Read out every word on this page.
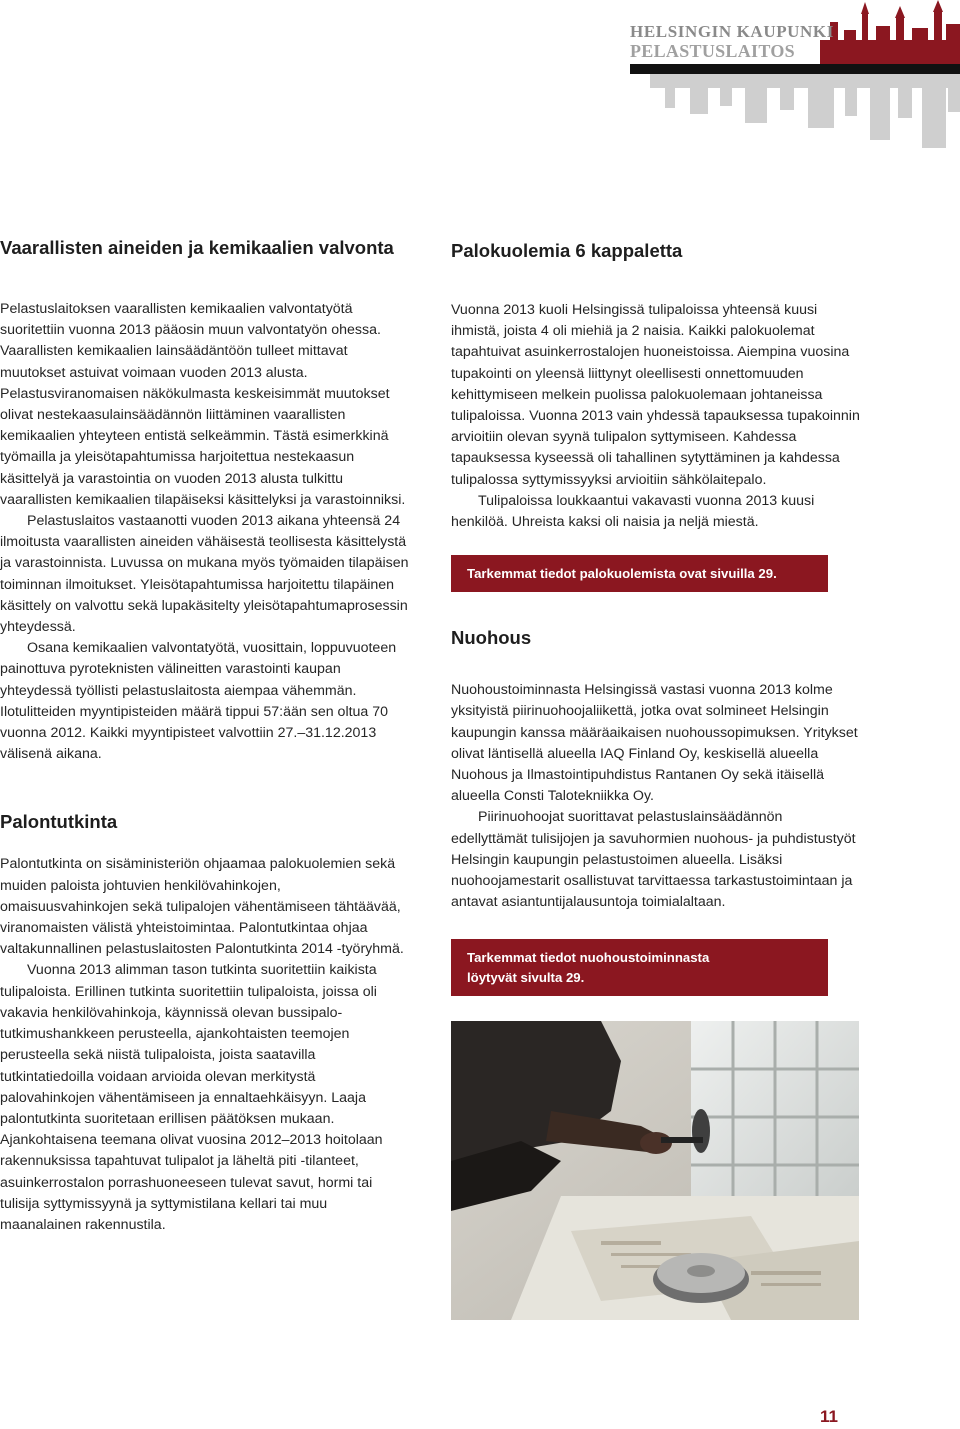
HELSINGIN KAUPUNKI
PELASTUSLAITOS
Vaarallisten aineiden ja kemikaalien valvonta

Pelastuslaitoksen vaarallisten kemikaalien valvontatyötä suoritettiin vuonna 2013 pääosin muun valvontatyön ohessa. Vaarallisten kemikaalien lainsäädäntöön tulleet mittavat muutokset astuivat voimaan vuoden 2013 alusta. Pelastusviranomaisen näkökulmasta keskeisimmät muutokset olivat nestekaasulainsäädännön liittäminen vaarallisten kemikaalien yhteyteen entistä selkeämmin. Tästä esimerkkinä työmailla ja yleisötapahtumissa harjoitettua nestekaasun käsittelyä ja varastointia on vuoden 2013 alusta tulkittu vaarallisten kemikaalien tilapäiseksi käsittelyksi ja varastoinniksi.

Pelastuslaitos vastaanotti vuoden 2013 aikana yhteensä 24 ilmoitusta vaarallisten aineiden vähäisestä teollisesta käsittelystä ja varastoinnista. Luvussa on mukana myös työmaiden tilapäisen toiminnan ilmoitukset. Yleisötapahtumissa harjoitettu tilapäinen käsittely on valvottu sekä lupakäsitelty yleisötapahtumaprosessin yhteydessä.

Osana kemikaalien valvontatyötä, vuosittain, loppuvuoteen painottuva pyroteknisten välineitten varastointi kaupan yhteydessä työllisti pelastuslaitosta aiempaa vähemmän. Ilotulitteiden myyntipisteiden määrä tippui 57:ään sen oltua 70 vuonna 2012. Kaikki myyntipisteet valvottiin 27.–31.12.2013 välisenä aikana.

Palontutkinta

Palontutkinta on sisäministeriön ohjaamaa palokuolemien sekä muiden paloista johtuvien henkilövahinkojen, omaisuusvahinkojen sekä tulipalojen vähentämiseen tähtäävää, viranomaisten välistä yhteistoimintaa. Palontutkintaa ohjaa valtakunnallinen pelastuslaitosten Palontutkinta 2014 -työryhmä.

Vuonna 2013 alimman tason tutkinta suoritettiin kaikista tulipaloista. Erillinen tutkinta suoritettiin tulipaloista, joissa oli vakavia henkilövahinkoja, käynnissä olevan bussipalo-tutkimushankkeen perusteella, ajankohtaisten teemojen perusteella sekä niistä tulipaloista, joista saatavilla tutkintatiedoilla voidaan arvioida olevan merkitystä palovahinkojen vähentämiseen ja ennaltaehkäisyyn. Laaja palontutkinta suoritetaan erillisen päätöksen mukaan. Ajankohtaisena teemana olivat vuosina 2012–2013 hoitolaan rakennuksissa tapahtuvat tulipalot ja läheltä piti -tilanteet, asuinkerrostalon porrashuoneeseen tulevat savut, hormi tai tulisija syttymissyynä ja syttymistilana kellari tai muu maanalainen rakennustila.

Palokuolemia 6 kappaletta

Vuonna 2013 kuoli Helsingissä tulipaloissa yhteensä kuusi ihmistä, joista 4 oli miehiä ja 2 naisia. Kaikki palokuolemat tapahtuivat asuinkerrostalojen huoneistoissa. Aiempina vuosina tupakointi on yleensä liittynyt oleellisesti onnettomuuden kehittymiseen melkein puolissa palokuolemaan johtaneissa tulipaloissa. Vuonna 2013 vain yhdessä tapauksessa tupakoinnin arvioitiin olevan syynä tulipalon syttymiseen. Kahdessa tapauksessa kyseessä oli tahallinen sytyttäminen ja kahdessa tulipalossa syttymissyyksi arvioitiin sähkölaitepalo.

Tulipaloissa loukkaantui vakavasti vuonna 2013 kuusi henkilöä. Uhreista kaksi oli naisia ja neljä miestä.

Tarkemmat tiedot palokuolemista ovat sivuilla 29.
Nuohous

Nuohoustoiminnasta Helsingissä vastasi vuonna 2013 kolme yksityistä piirinuohoojaliikettä, jotka ovat solmineet Helsingin kaupungin kanssa määräaikaisen nuohoussopimuksen. Yritykset olivat läntisellä alueella IAQ Finland Oy, keskisellä alueella Nuohous ja Ilmastointipuhdistus Rantanen Oy sekä itäisellä alueella Consti Talotekniikka Oy.

Piirinuohoojat suorittavat pelastuslainsäädännön edellyttämät tulisijojen ja savuhormien nuohous- ja puhdistustyöt Helsingin kaupungin pelastustoimen alueella. Lisäksi nuohoojamestarit osallistuvat tarvittaessa tarkastustoimintaan ja antavat asiantuntijalausuntoja toimialaltaan.

Tarkemmat tiedot nuohoustoiminnasta
löytyvät sivulta 29.
11
